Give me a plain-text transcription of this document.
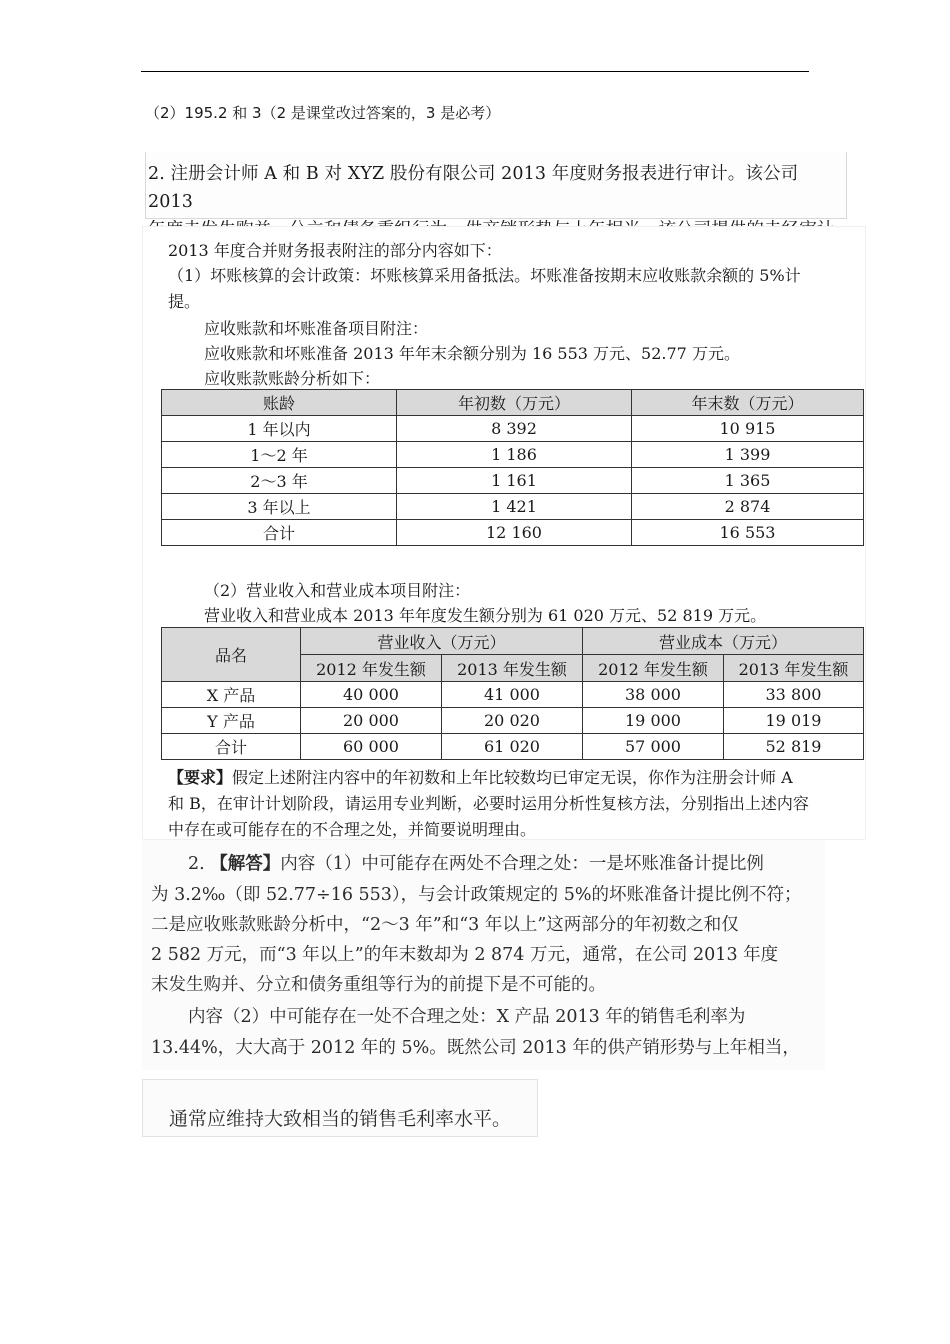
（2）195.2 和 3（2 是课堂改过答案的，3 是必考）
2. 注册会计师 A 和 B 对 XYZ 股份有限公司 2013 年度财务报表进行审计。该公司 2013
2013 年度合并财务报表附注的部分内容如下：
（1）坏账核算的会计政策：坏账核算采用备抵法。坏账准备按期末应收账款余额的 5%计
提。
应收账款和坏账准备项目附注：
应收账款和坏账准备 2013 年年末余额分别为 16 553 万元、52.77 万元。
应收账款账龄分析如下：
账龄	年初数（万元）	年末数（万元）
1 年以内	8 392	10 915
1～2 年	1 186	1 399
2～3 年	1 161	1 365
3 年以上	1 421	2 874
合计	12 160	16 553
（2）营业收入和营业成本项目附注：
营业收入和营业成本 2013 年年度发生额分别为 61 020 万元、52 819 万元。
品名	营业收入（万元）		营业成本（万元）	
	2012 年发生额	2013 年发生额	2012 年发生额	2013 年发生额
X 产品	40 000	41 000	38 000	33 800
Y 产品	20 000	20 020	19 000	19 019
合计	60 000	61 020	57 000	52 819
【要求】假定上述附注内容中的年初数和上年比较数均已审定无误，你作为注册会计师 A
和 B，在审计计划阶段，请运用专业判断，必要时运用分析性复核方法，分别指出上述内容
中存在或可能存在的不合理之处，并简要说明理由。
2. 【解答】内容（1）中可能存在两处不合理之处：一是坏账准备计提比例
为 3.2‰（即 52.77÷16 553），与会计政策规定的 5%的坏账准备计提比例不符；
二是应收账款账龄分析中，“2～3 年”和“3 年以上”这两部分的年初数之和仅
2 582 万元，而“3 年以上”的年末数却为 2 874 万元，通常，在公司 2013 年度
末发生购并、分立和债务重组等行为的前提下是不可能的。
内容（2）中可能存在一处不合理之处：X 产品 2013 年的销售毛利率为
13.44%，大大高于 2012 年的 5%。既然公司 2013 年的供产销形势与上年相当，
通常应维持大致相当的销售毛利率水平。
